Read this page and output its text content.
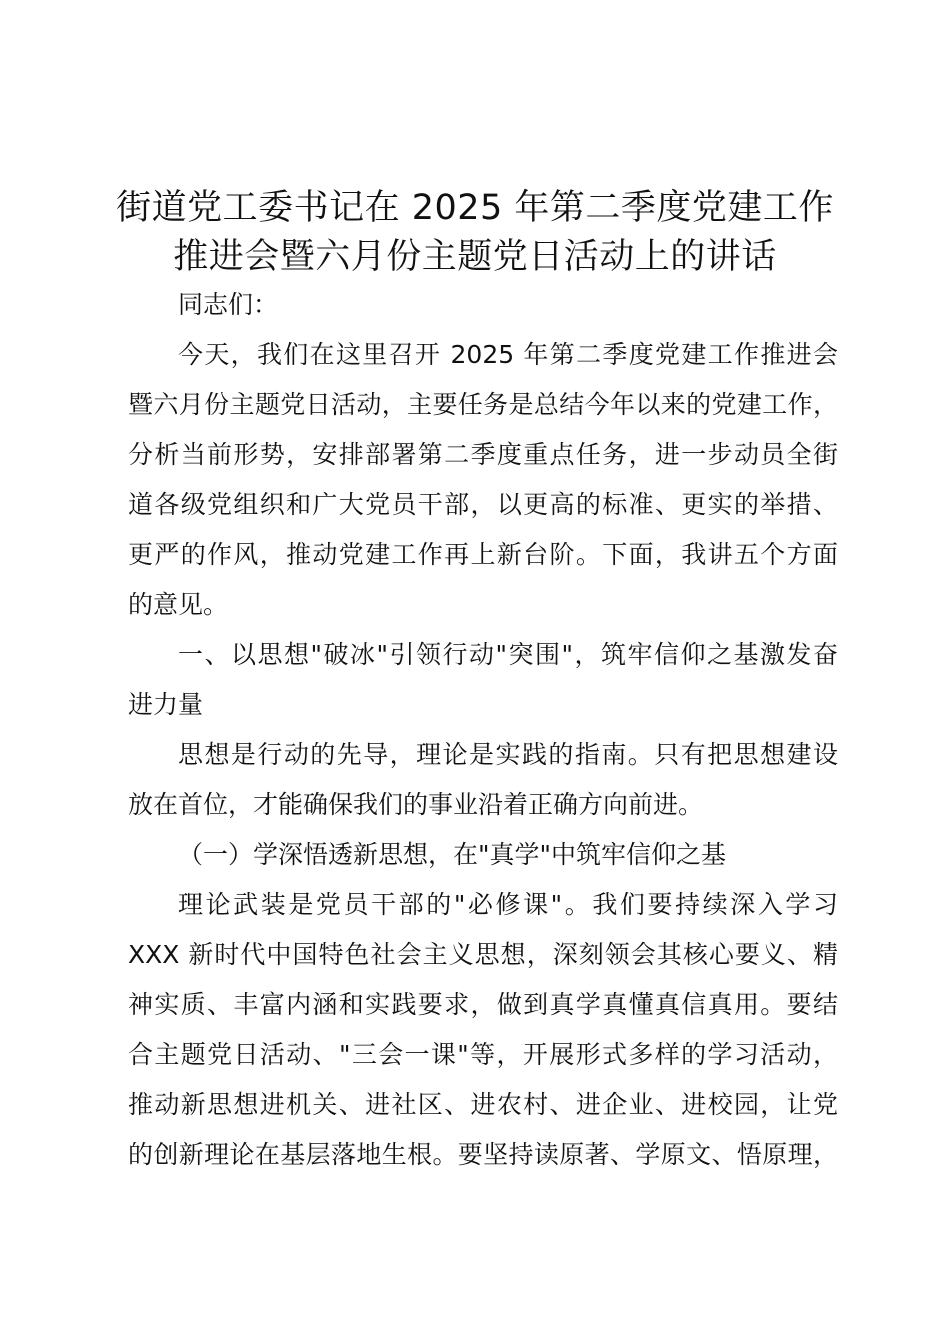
街道党工委书记在 2025 年第二季度党建工作
推进会暨六月份主题党日活动上的讲话
同志们：
今天，我们在这里召开 2025 年第二季度党建工作推进会
暨六月份主题党日活动，主要任务是总结今年以来的党建工作，
分析当前形势，安排部署第二季度重点任务，进一步动员全街
道各级党组织和广大党员干部，以更高的标准、更实的举措、
更严的作风，推动党建工作再上新台阶。下面，我讲五个方面
的意见。
一、以思想"破冰"引领行动"突围"，筑牢信仰之基激发奋
进力量
思想是行动的先导，理论是实践的指南。只有把思想建设
放在首位，才能确保我们的事业沿着正确方向前进。
（一）学深悟透新思想，在"真学"中筑牢信仰之基
理论武装是党员干部的"必修课"。我们要持续深入学习
XXX 新时代中国特色社会主义思想，深刻领会其核心要义、精
神实质、丰富内涵和实践要求，做到真学真懂真信真用。要结
合主题党日活动、"三会一课"等，开展形式多样的学习活动，
推动新思想进机关、进社区、进农村、进企业、进校园，让党
的创新理论在基层落地生根。要坚持读原著、学原文、悟原理，
